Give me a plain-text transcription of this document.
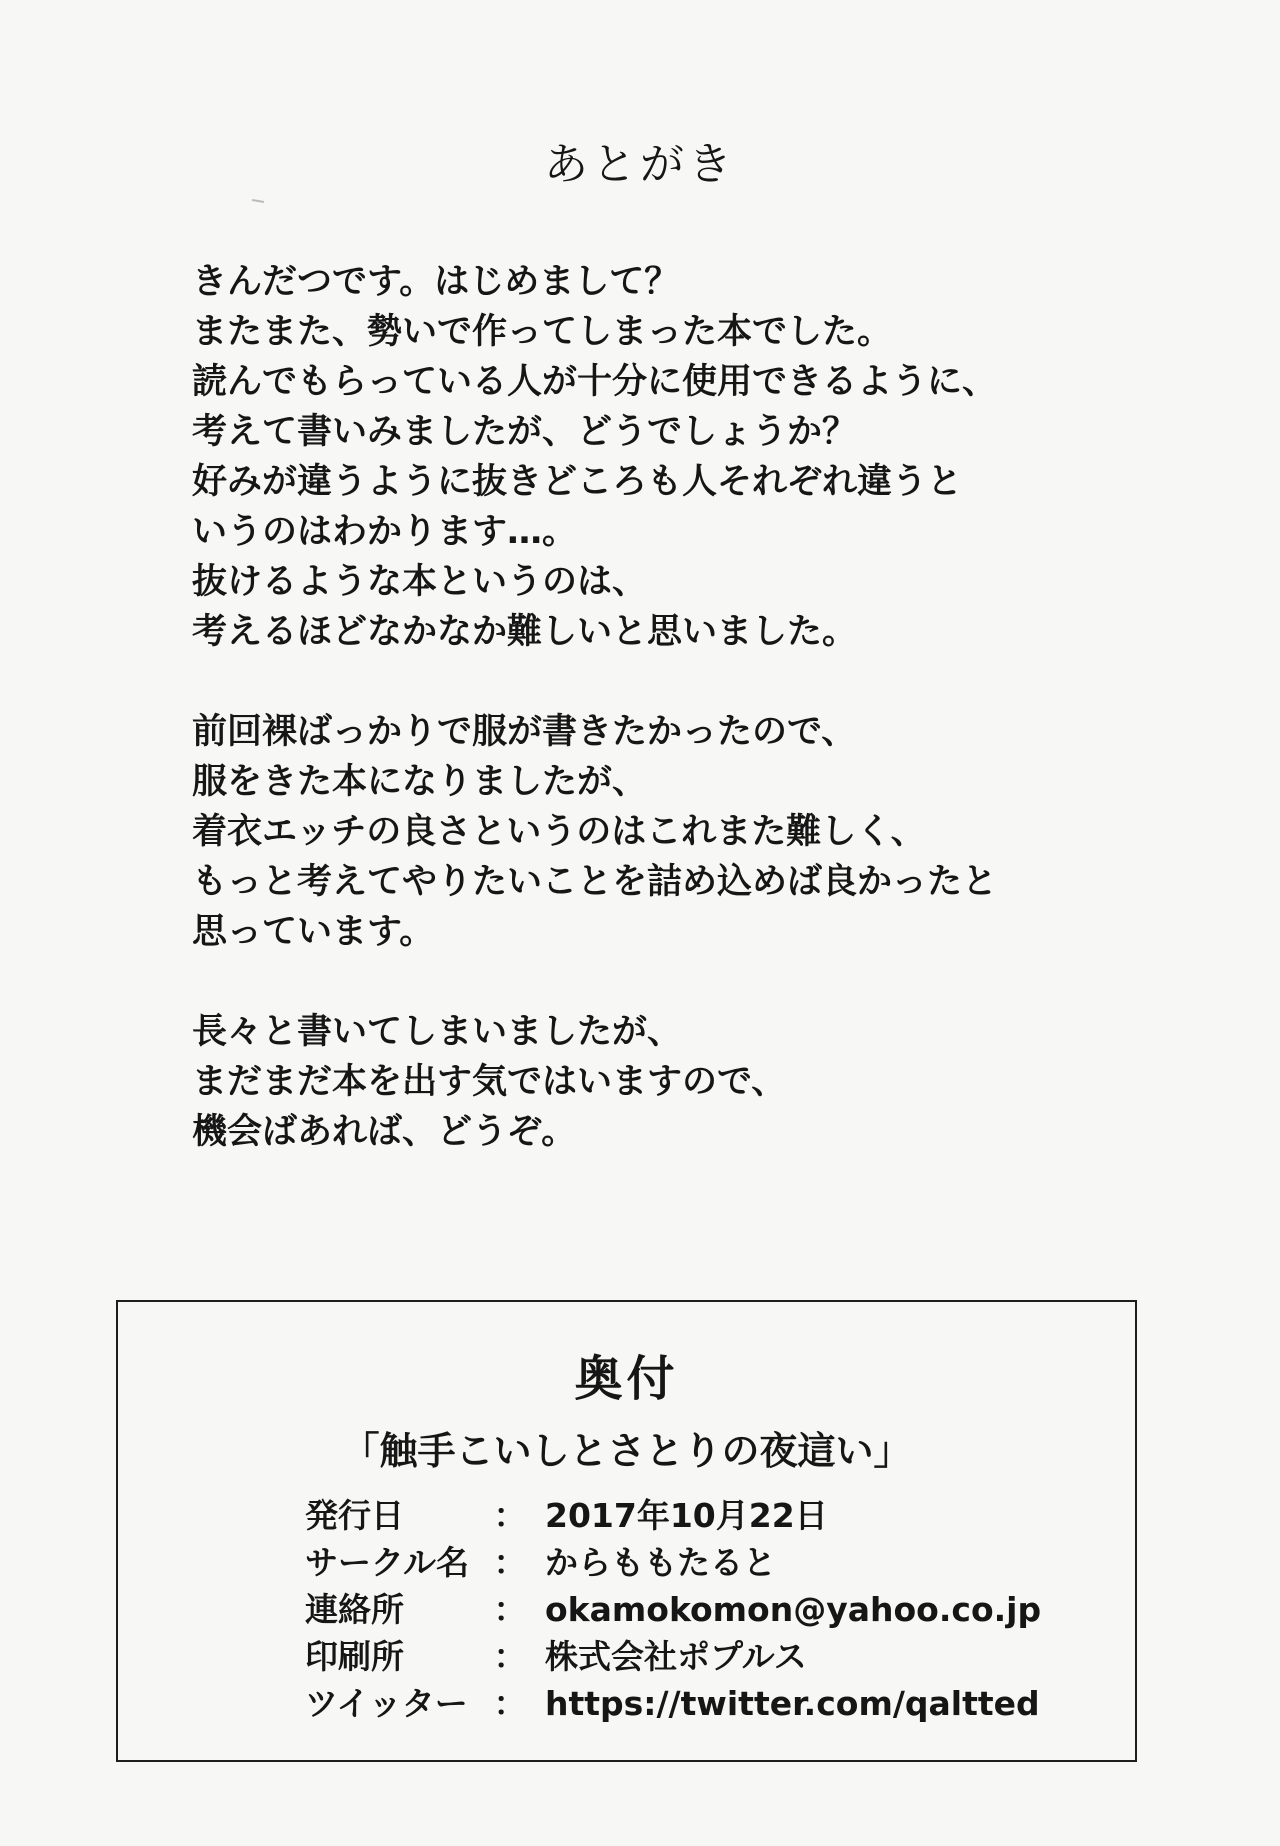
あとがき
きんだつです。はじめまして？
またまた、勢いで作ってしまった本でした。
読んでもらっている人が十分に使用できるように、
考えて書いみましたが、どうでしょうか？
好みが違うように抜きどころも人それぞれ違うと
いうのはわかります…。
抜けるような本というのは、
考えるほどなかなか難しいと思いました。
前回裸ばっかりで服が書きたかったので、
服をきた本になりましたが、
着衣エッチの良さというのはこれまた難しく、
もっと考えてやりたいことを詰め込めば良かったと
思っています。
長々と書いてしまいましたが、
まだまだ本を出す気ではいますので、
機会ばあれば、どうぞ。
奥付
「触手こいしとさとりの夜這い」
発行日	： 2017年10月22日
サークル名 ： からももたると
連絡所	： okamokomon@yahoo.co.jp
印刷所	： 株式会社ポプルス
ツイッター ： https://twitter.com/qaltted
